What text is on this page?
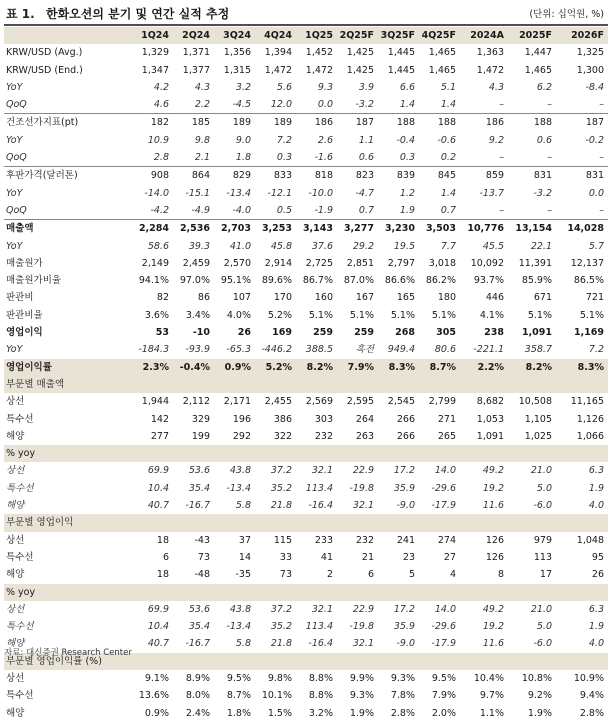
표 1. 한화오션의 분기 및 연간 실적 추정	(단위: 십억원, %)
	1Q24	2Q24	3Q24	4Q24	1Q25	2Q25F	3Q25F	4Q25F	2024A	2025F	2026F
KRW/USD (Avg.)	1,329	1,371	1,356	1,394	1,452	1,425	1,445	1,465	1,363	1,447	1,325
KRW/USD (End.)	1,347	1,377	1,315	1,472	1,472	1,425	1,445	1,465	1,472	1,465	1,300
YoY	4.2	4.3	3.2	5.6	9.3	3.9	6.6	5.1	4.3	6.2	-8.4
QoQ	4.6	2.2	-4.5	12.0	0.0	-3.2	1.4	1.4	–	–	–
건조선가지표(pt)	182	185	189	189	186	187	188	188	186	188	187
YoY	10.9	9.8	9.0	7.2	2.6	1.1	-0.4	-0.6	9.2	0.6	-0.2
QoQ	2.8	2.1	1.8	0.3	-1.6	0.6	0.3	0.2	–	–	–
후판가격(달러톤)	908	864	829	833	818	823	839	845	859	831	831
YoY	-14.0	-15.1	-13.4	-12.1	-10.0	-4.7	1.2	1.4	-13.7	-3.2	0.0
QoQ	-4.2	-4.9	-4.0	0.5	-1.9	0.7	1.9	0.7	–	–	–
매출액	2,284	2,536	2,703	3,253	3,143	3,277	3,230	3,503	10,776	13,154	14,028
YoY	58.6	39.3	41.0	45.8	37.6	29.2	19.5	7.7	45.5	22.1	5.7
매출원가	2,149	2,459	2,570	2,914	2,725	2,851	2,797	3,018	10,092	11,391	12,137
매출원가비율	94.1%	97.0%	95.1%	89.6%	86.7%	87.0%	86.6%	86.2%	93.7%	85.9%	86.5%
판관비	82	86	107	170	160	167	165	180	446	671	721
판관비율	3.6%	3.4%	4.0%	5.2%	5.1%	5.1%	5.1%	5.1%	4.1%	5.1%	5.1%
영업이익	53	-10	26	169	259	259	268	305	238	1,091	1,169
YoY	-184.3	-93.9	-65.3	-446.2	388.5	흑전	949.4	80.6	-221.1	358.7	7.2
영업이익률	2.3%	-0.4%	0.9%	5.2%	8.2%	7.9%	8.3%	8.7%	2.2%	8.2%	8.3%
부문별 매출액											
상선	1,944	2,112	2,171	2,455	2,569	2,595	2,545	2,799	8,682	10,508	11,165
특수선	142	329	196	386	303	264	266	271	1,053	1,105	1,126
해양	277	199	292	322	232	263	266	265	1,091	1,025	1,066
% yoy											
상선	69.9	53.6	43.8	37.2	32.1	22.9	17.2	14.0	49.2	21.0	6.3
특수선	10.4	35.4	-13.4	35.2	113.4	-19.8	35.9	-29.6	19.2	5.0	1.9
해양	40.7	-16.7	5.8	21.8	-16.4	32.1	-9.0	-17.9	11.6	-6.0	4.0
부문별 영업이익											
상선	18	-43	37	115	233	232	241	274	126	979	1,048
특수선	6	73	14	33	41	21	23	27	126	113	95
해양	18	-48	-35	73	2	6	5	4	8	17	26
% yoy											
상선	69.9	53.6	43.8	37.2	32.1	22.9	17.2	14.0	49.2	21.0	6.3
특수선	10.4	35.4	-13.4	35.2	113.4	-19.8	35.9	-29.6	19.2	5.0	1.9
해양	40.7	-16.7	5.8	21.8	-16.4	32.1	-9.0	-17.9	11.6	-6.0	4.0
부문별 영업이익률 (%)											
상선	9.1%	8.9%	9.5%	9.8%	8.8%	9.9%	9.3%	9.5%	10.4%	10.8%	10.9%
특수선	13.6%	8.0%	8.7%	10.1%	8.8%	9.3%	7.8%	7.9%	9.7%	9.2%	9.4%
해양	0.9%	2.4%	1.8%	1.5%	3.2%	1.9%	2.8%	2.0%	1.1%	1.9%	2.8%
자료: 대신증권 Research Center
